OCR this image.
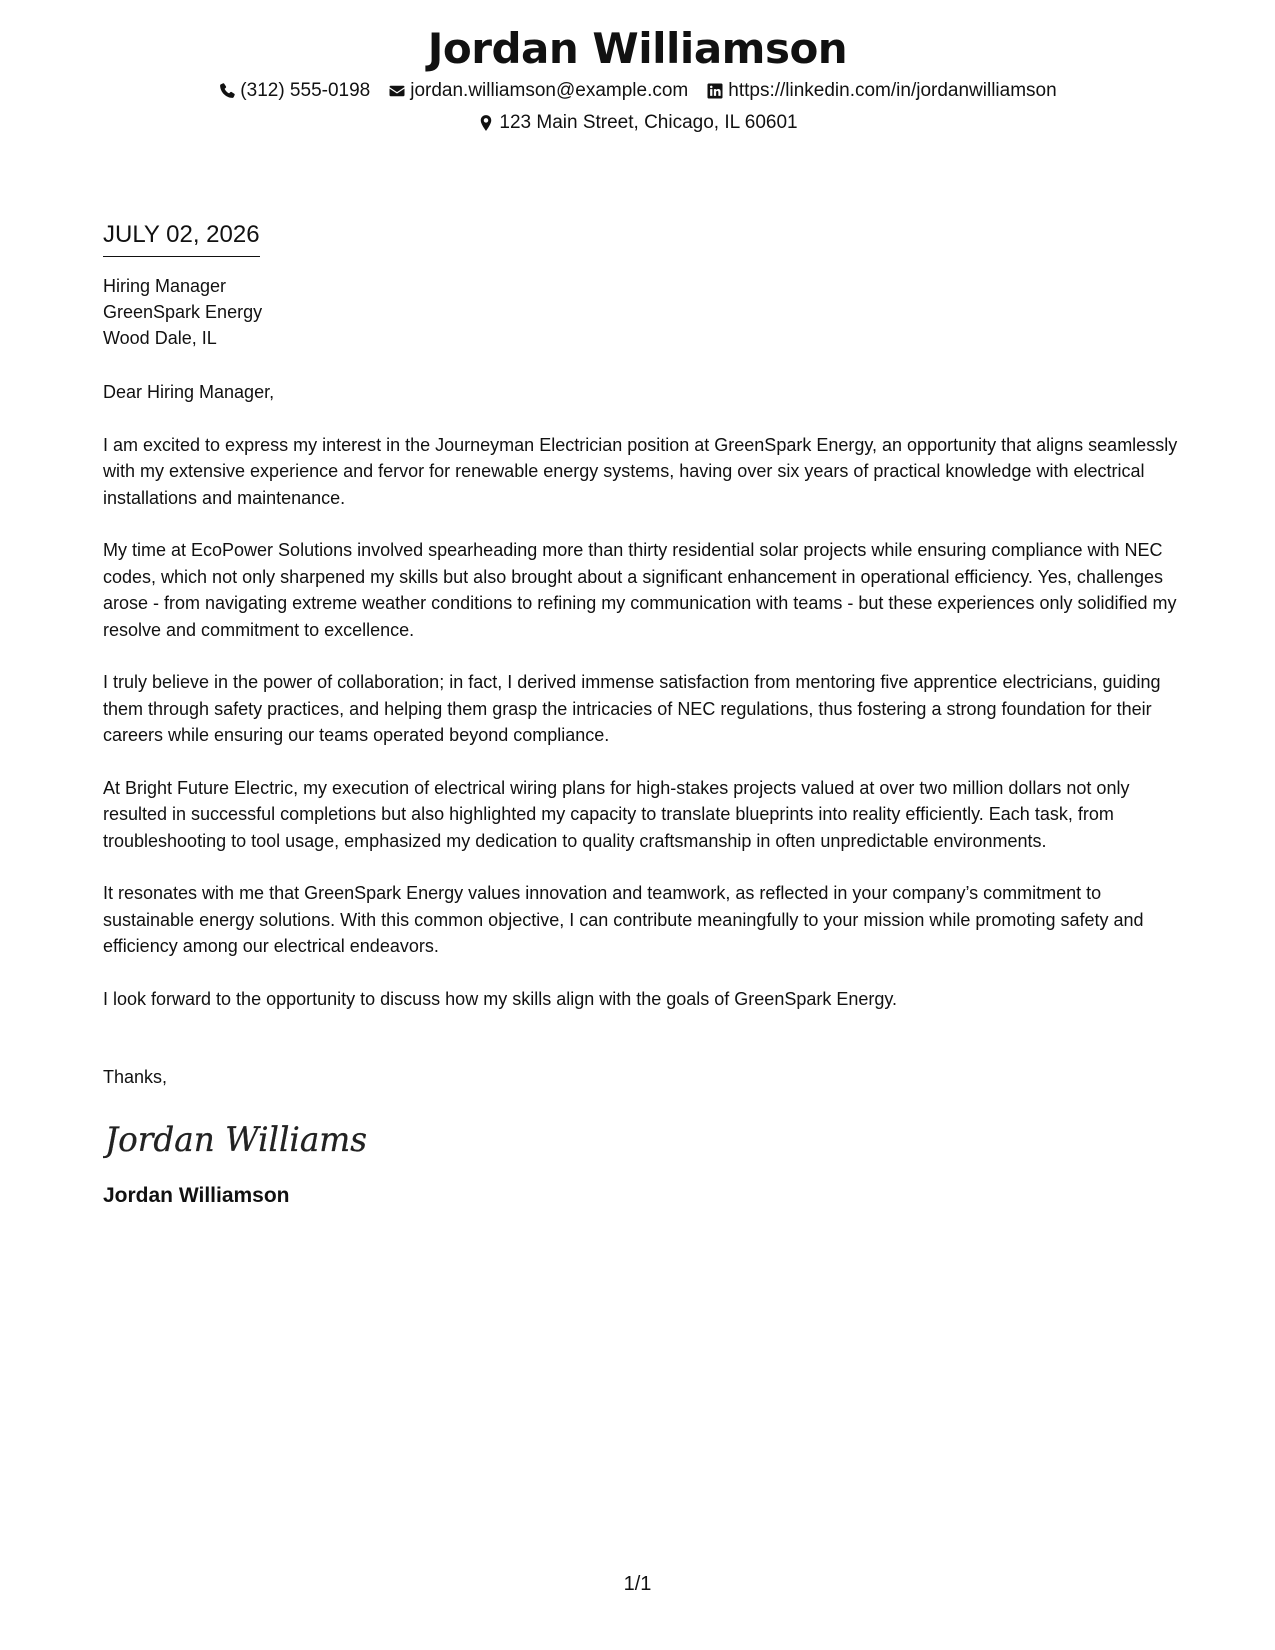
Jordan Williamson
(312) 555-0198 jordan.williamson@example.com https://linkedin.com/in/jordanwilliamson
123 Main Street, Chicago, IL 60601
JULY 02, 2026
Hiring Manager
GreenSpark Energy
Wood Dale, IL
Dear Hiring Manager,

I am excited to express my interest in the Journeyman Electrician position at GreenSpark Energy, an opportunity that aligns seamlessly with my extensive experience and fervor for renewable energy systems, having over six years of practical knowledge with electrical installations and maintenance.

My time at EcoPower Solutions involved spearheading more than thirty residential solar projects while ensuring compliance with NEC codes, which not only sharpened my skills but also brought about a significant enhancement in operational efficiency. Yes, challenges arose - from navigating extreme weather conditions to refining my communication with teams - but these experiences only solidified my resolve and commitment to excellence.

I truly believe in the power of collaboration; in fact, I derived immense satisfaction from mentoring five apprentice electricians, guiding them through safety practices, and helping them grasp the intricacies of NEC regulations, thus fostering a strong foundation for their careers while ensuring our teams operated beyond compliance.

At Bright Future Electric, my execution of electrical wiring plans for high-stakes projects valued at over two million dollars not only resulted in successful completions but also highlighted my capacity to translate blueprints into reality efficiently. Each task, from troubleshooting to tool usage, emphasized my dedication to quality craftsmanship in often unpredictable environments.

It resonates with me that GreenSpark Energy values innovation and teamwork, as reflected in your company’s commitment to sustainable energy solutions. With this common objective, I can contribute meaningfully to your mission while promoting safety and efficiency among our electrical endeavors.

I look forward to the opportunity to discuss how my skills align with the goals of GreenSpark Energy.

Thanks,
Jordan Williams
Jordan Williamson
1/1
